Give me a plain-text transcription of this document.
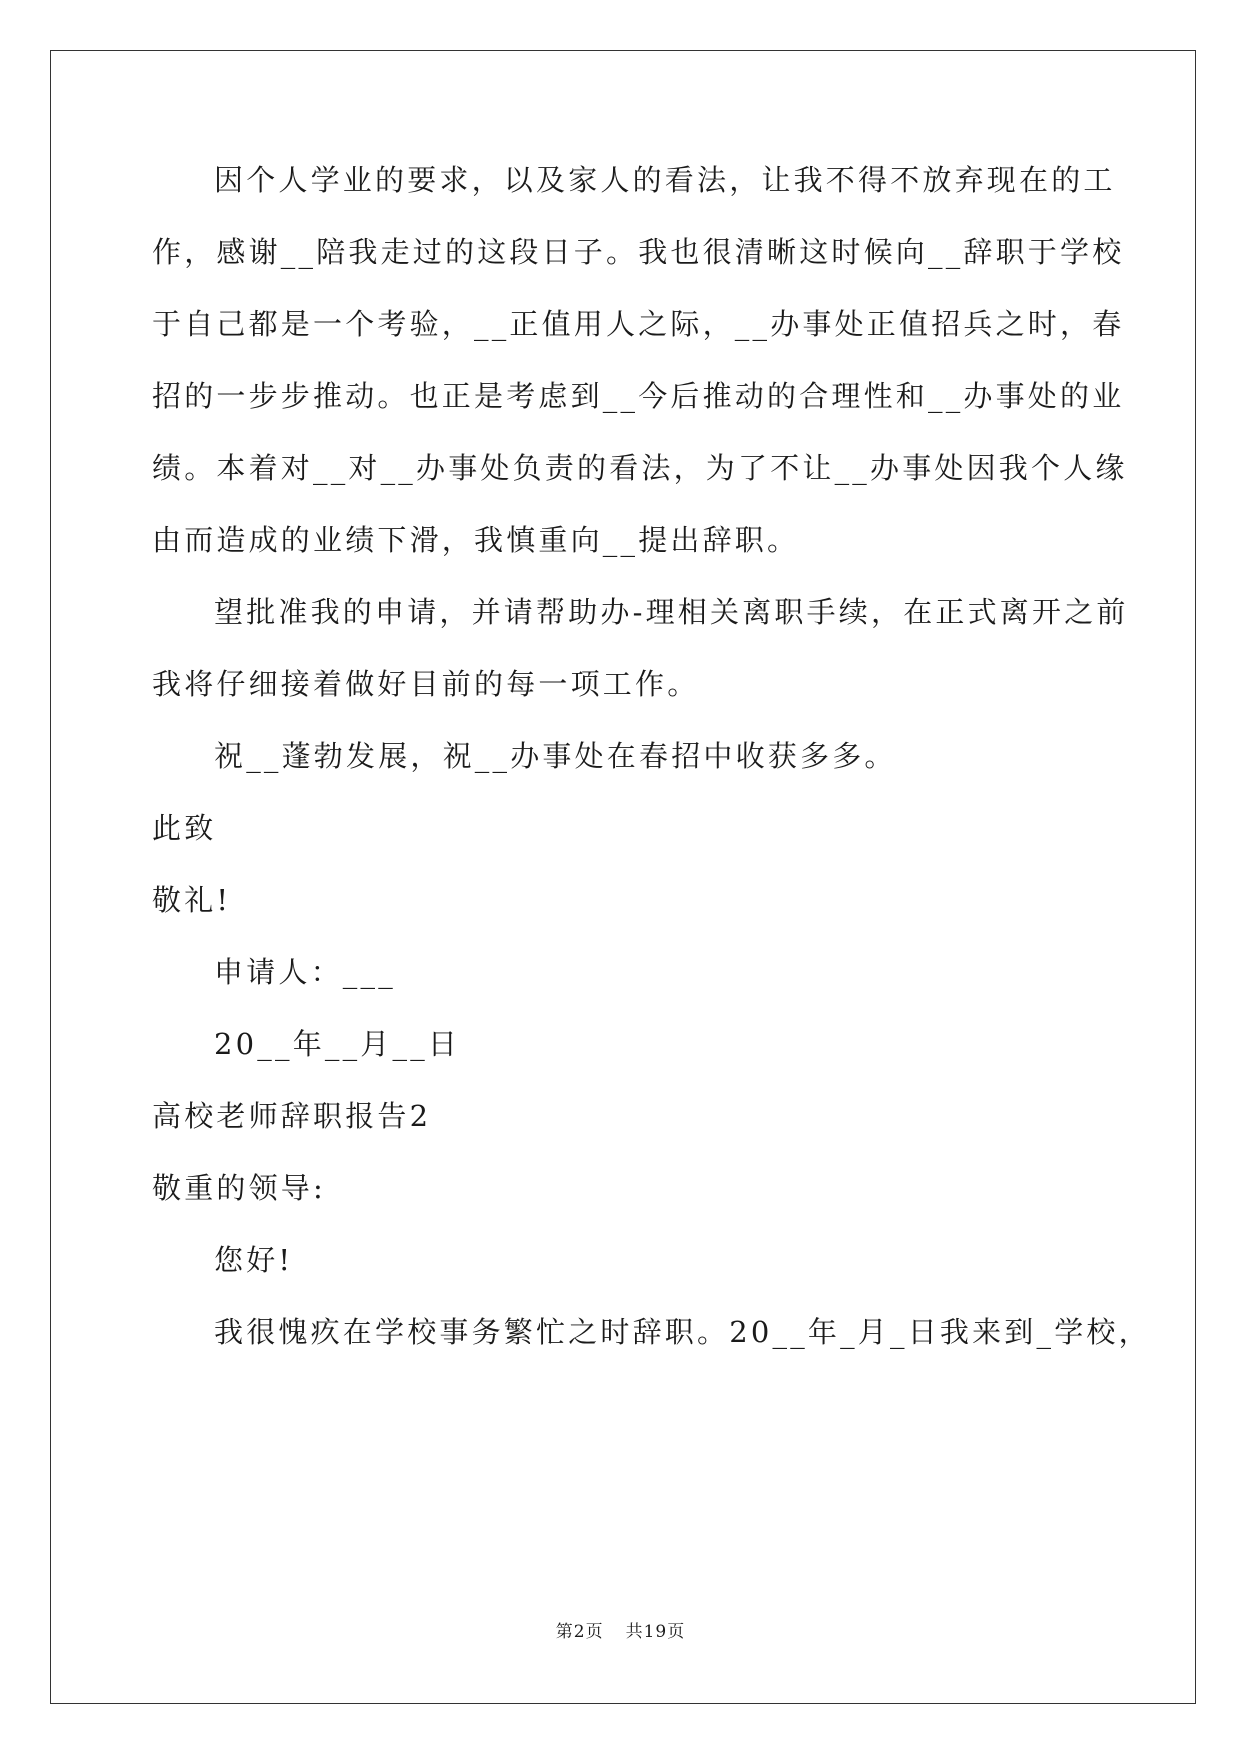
因个人学业的要求，以及家人的看法，让我不得不放弃现在的工
作，感谢__陪我走过的这段日子。我也很清晰这时候向__辞职于学校
于自己都是一个考验，__正值用人之际，__办事处正值招兵之时，春
招的一步步推动。也正是考虑到__今后推动的合理性和__办事处的业
绩。本着对__对__办事处负责的看法，为了不让__办事处因我个人缘
由而造成的业绩下滑，我慎重向__提出辞职。
望批准我的申请，并请帮助办-理相关离职手续，在正式离开之前
我将仔细接着做好目前的每一项工作。
祝__蓬勃发展，祝__办事处在春招中收获多多。
此致
敬礼!
申请人：___
20__年__月__日
高校老师辞职报告2
敬重的领导:
您好!
我很愧疚在学校事务繁忙之时辞职。20__年_月_日我来到_学校，
第2页 共19页
